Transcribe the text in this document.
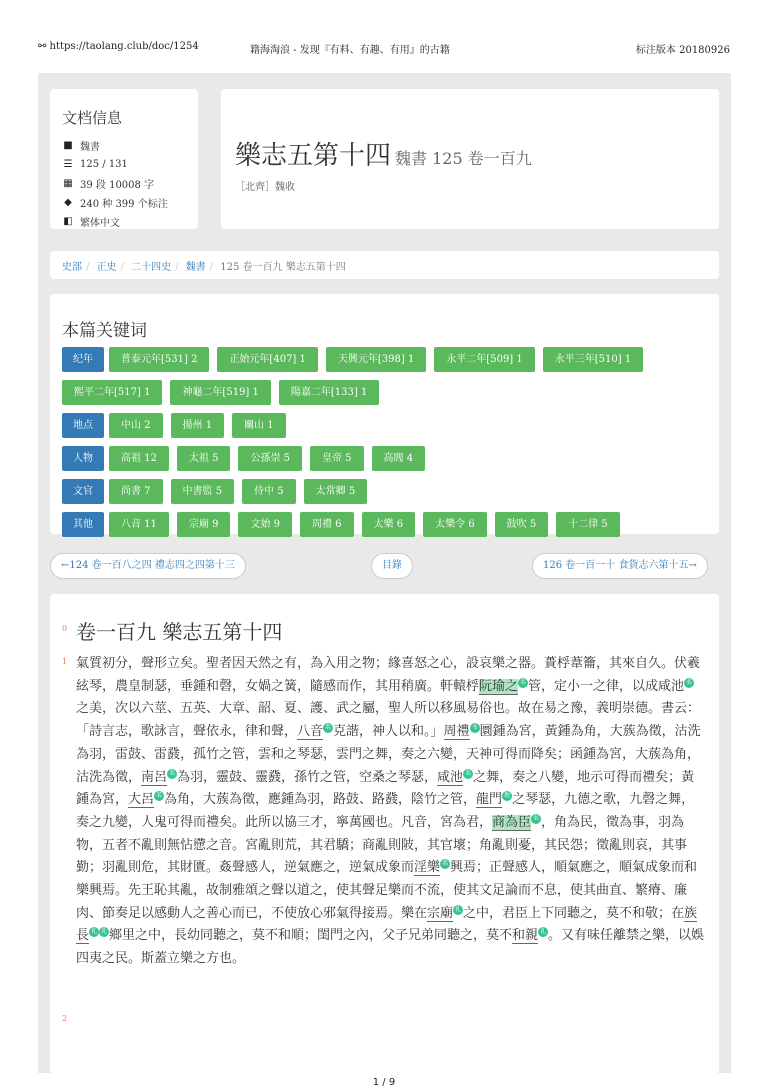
⚯ https://taolang.club/doc/1254	籍海淘浪 - 发现『有料、有趣、有用』的古籍	标注版本 20180926
文档信息
■ 魏書
☰ 125 / 131
▦ 39 段 10008 字
◆ 240 种 399 个标注
◧ 繁体中文
樂志五第十四 魏書 125 卷一百九
［北齊］魏收
史部 / 正史 / 二十四史 / 魏書 / 125 卷一百九 樂志五第十四
本篇关键词
纪年	普泰元年[531] 2	正始元年[407] 1	天興元年[398] 1	永平二年[509] 1	永平三年[510] 1
熙平二年[517] 1	神龜二年[519] 1	陽嘉二年[133] 1
地点	中山 2	揚州 1	關山 1
人物	高祖 12	太祖 5	公孫崇 5	皇帝 5	高閭 4
文官	尚書 7	中書監 5	侍中 5	太常卿 5
其他	八音 11	宗廟 9	文始 9	周禮 6	太樂 6	太樂令 6	鼓吹 5	十二律 5
←124 卷一百八之四 禮志四之四第十三	目錄	126 卷一百一十 食貨志六第十五→
0 卷一百九 樂志五第十四
1 氣質初分，聲形立矣。聖者因天然之有，為入用之物；緣喜怒之心，設哀樂之器。蕢桴葦籥，其來自久。伏羲絃琴，農皇制瑟，垂鍾和磬，女媧之簧，隨感而作，其用稍廣。軒轅桴阮瑜之 名 管，定小一之律，以成咸池 名之美，次以六莖、五英、大章、韶、夏、護、武之屬，聖人所以移風易俗也。故在易之豫，義明崇德。書云：「詩言志，歌詠言，聲依永，律和聲，八音 名 克諧，神人以和。」周禮 书 圜鍾為宮，黃鍾為角，大蔟為徵，沽洗為羽，雷鼓、雷鼗，孤竹之管，雲和之琴瑟，雲門之舞，奏之六變，天神可得而降矣；函鍾為宮，大蔟為角，沽洗為徵，南呂 名 為羽，靈鼓、靈鼗，孫竹之管，空桑之琴瑟，咸池 名 之舞，奏之八變，地示可得而禮矣；黃鍾為宮，大呂 名 為角，大蔟為徵，應鍾為羽，路鼓、路鼗，陰竹之管，龍門 地 之琴瑟，九德之歌，九磬之舞，奏之九變，人鬼可得而禮矣。此所以協三才，寧萬國也。凡音，宮為君，商為臣 名 ，角為民，徵為事，羽為物，五者不亂則無怗懘之音。宮亂則荒，其君驕；商亂則陂，其官壞；角亂則憂，其民怨；徵亂則哀，其事勤；羽亂則危，其財匱。姦聲感人，逆氣應之，逆氣成象而淫樂 名 興焉；正聲感人，順氣應之，順氣成象而和樂興焉。先王恥其亂，故制雅頌之聲以道之，使其聲足樂而不流，使其文足論而不息，使其曲直、繁瘠、廉肉、節奏足以感動人之善心而已，不使放心邪氣得接焉。樂在宗廟 礼 之中，君臣上下同聽之，莫不和敬；在族長 礼 礼 鄉里之中，長幼同聽之，莫不和順；閨門之內，父子兄弟同聽之，莫不和親 礼 。又有味任離禁之樂，以娛四夷之民。斯蓋立樂之方也。
2
1 / 9
